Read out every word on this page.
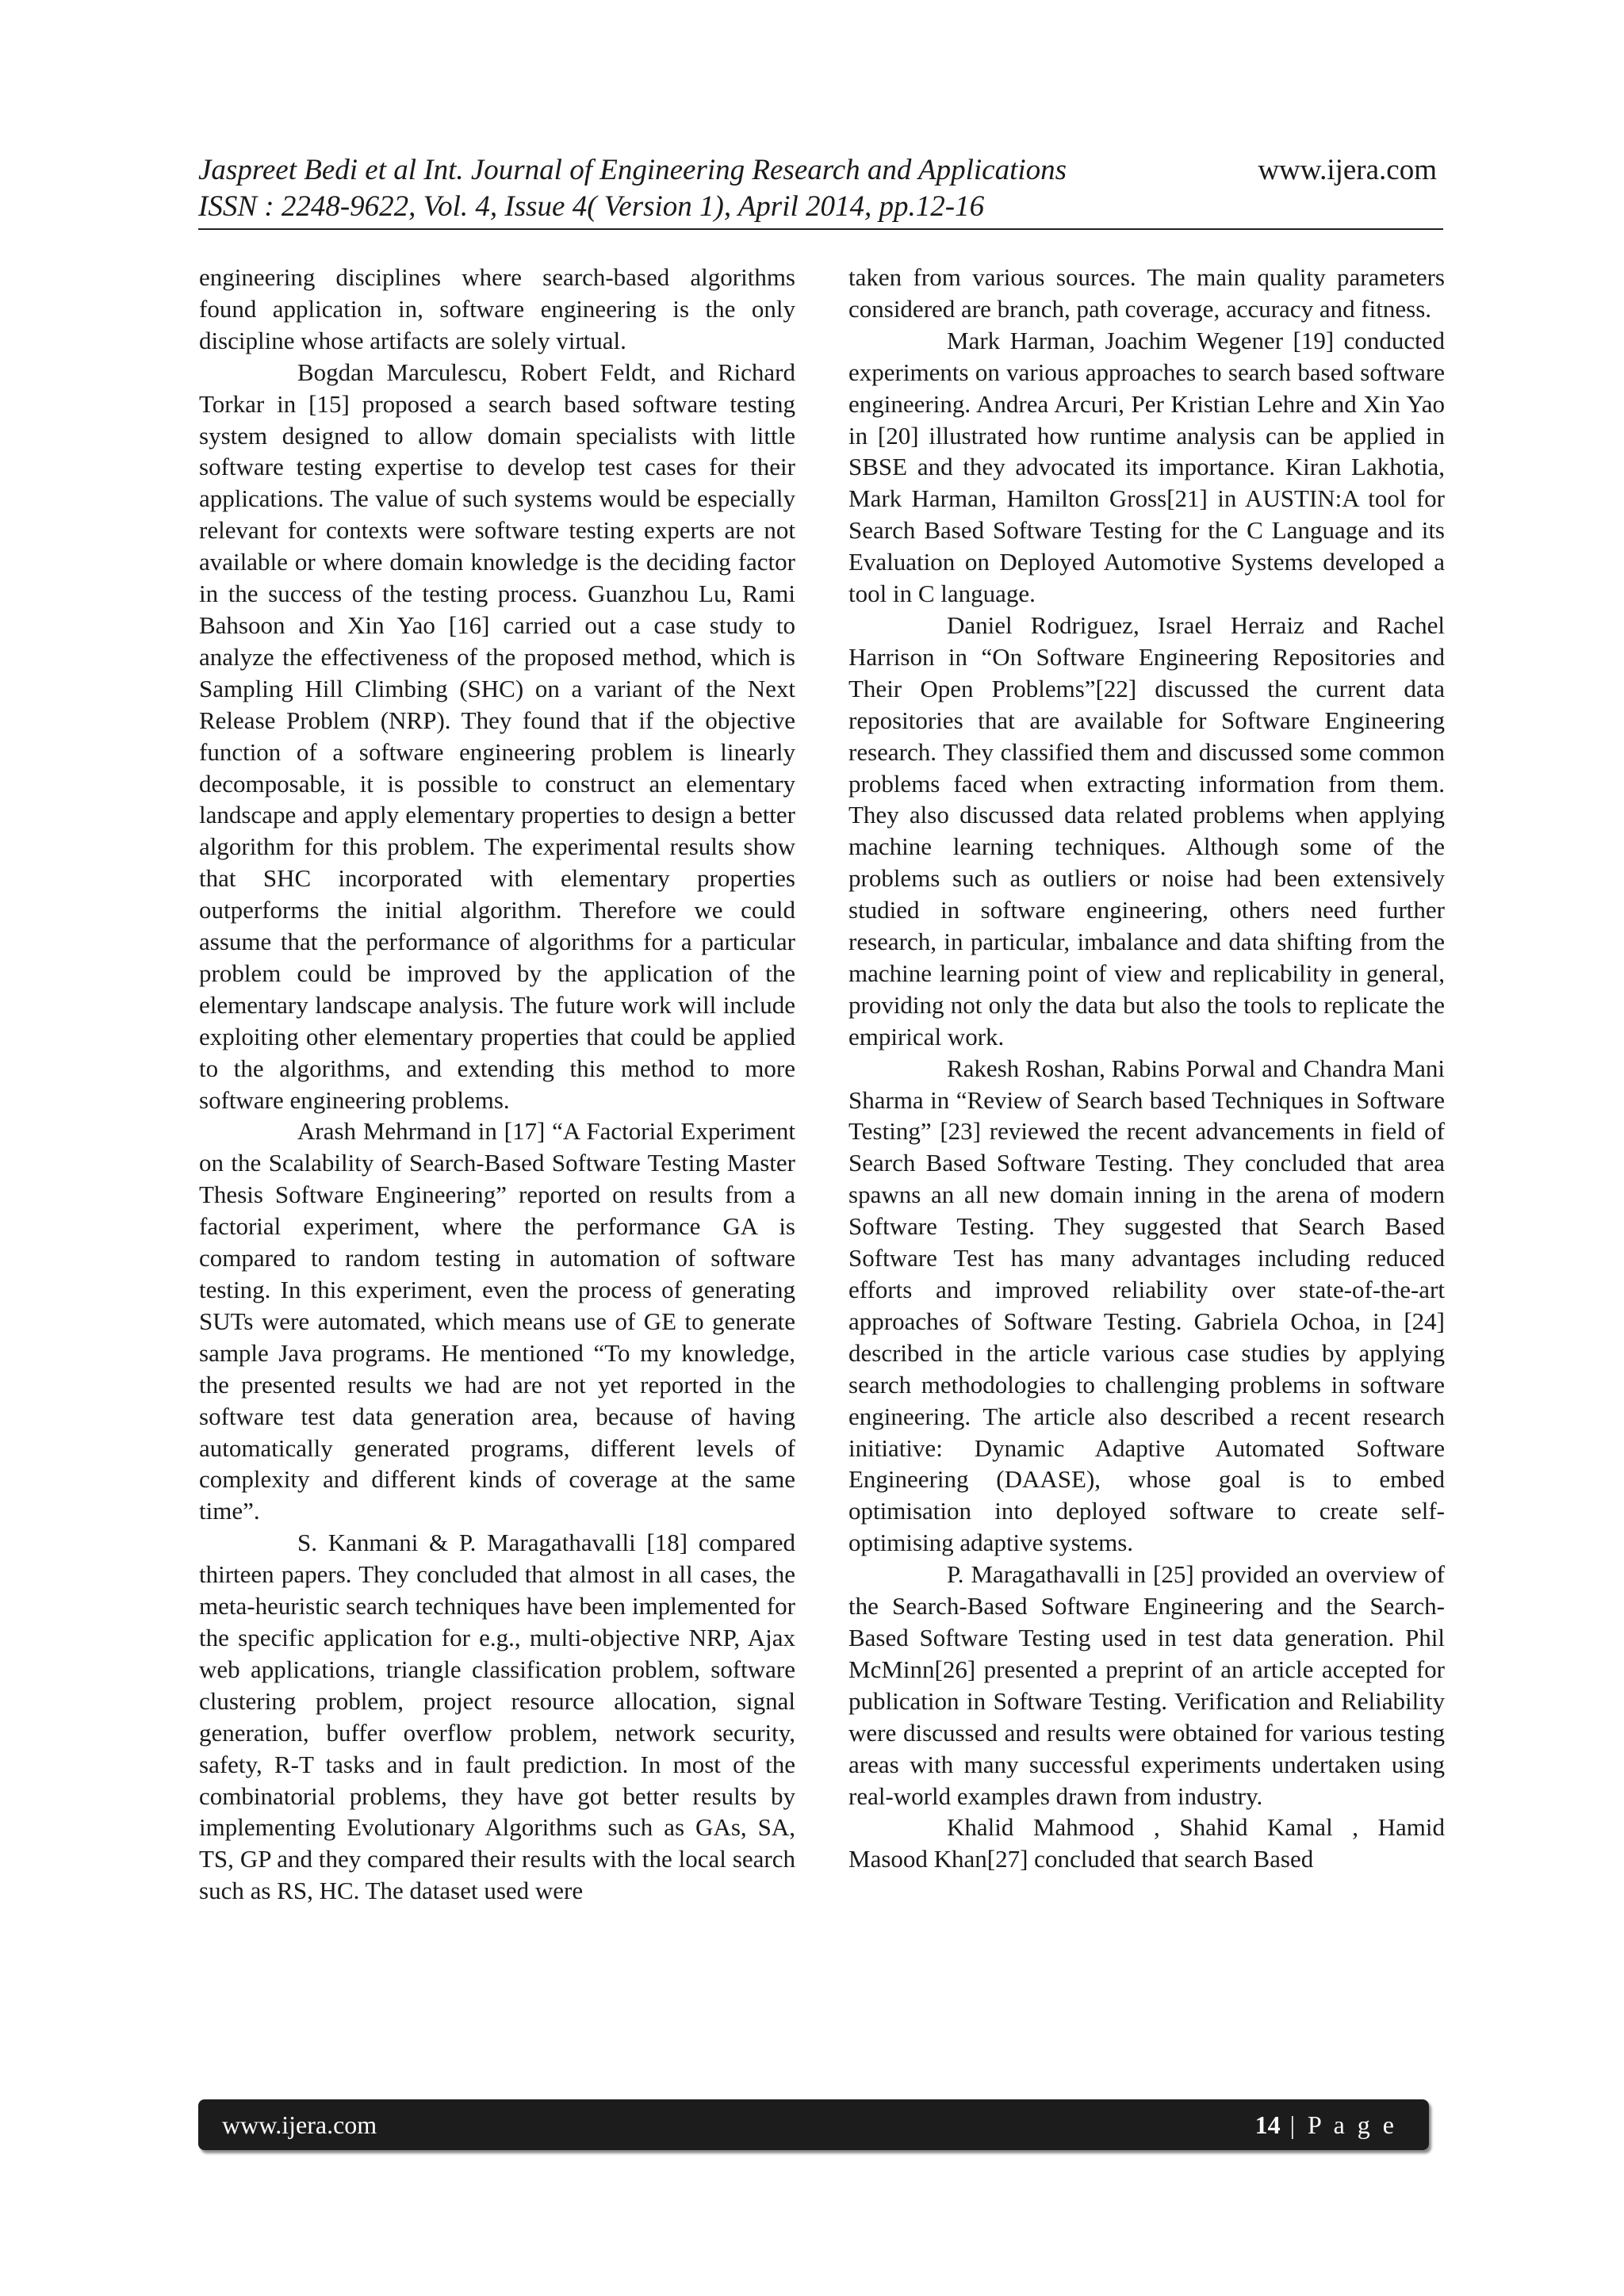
Jaspreet Bedi et al Int. Journal of Engineering Research and Applications
ISSN : 2248-9622, Vol. 4, Issue 4( Version 1), April 2014, pp.12-16
www.ijera.com

engineering disciplines where search-based algorithms found application in, software engineering is the only discipline whose artifacts are solely virtual.

Bogdan Marculescu, Robert Feldt, and Richard Torkar in [15] proposed a search based software testing system designed to allow domain specialists with little software testing expertise to develop test cases for their applications. The value of such systems would be especially relevant for contexts were software testing experts are not available or where domain knowledge is the deciding factor in the success of the testing process. Guanzhou Lu, Rami Bahsoon and Xin Yao [16] carried out a case study to analyze the effectiveness of the proposed method, which is Sampling Hill Climbing (SHC) on a variant of the Next Release Problem (NRP). They found that if the objective function of a software engineering problem is linearly decomposable, it is possible to construct an elementary landscape and apply elementary properties to design a better algorithm for this problem. The experimental results show that SHC incorporated with elementary properties outperforms the initial algorithm. Therefore we could assume that the performance of algorithms for a particular problem could be improved by the application of the elementary landscape analysis. The future work will include exploiting other elementary properties that could be applied to the algorithms, and extending this method to more software engineering problems.

Arash Mehrmand in [17] “A Factorial Experiment on the Scalability of Search-Based Software Testing Master Thesis Software Engineering” reported on results from a factorial experiment, where the performance GA is compared to random testing in automation of software testing. In this experiment, even the process of generating SUTs were automated, which means use of GE to generate sample Java programs. He mentioned “To my knowledge, the presented results we had are not yet reported in the software test data generation area, because of having automatically generated programs, different levels of complexity and different kinds of coverage at the same time”.

S. Kanmani & P. Maragathavalli [18] compared thirteen papers. They concluded that almost in all cases, the meta-heuristic search techniques have been implemented for the specific application for e.g., multi-objective NRP, Ajax web applications, triangle classification problem, software clustering problem, project resource allocation, signal generation, buffer overflow problem, network security, safety, R-T tasks and in fault prediction. In most of the combinatorial problems, they have got better results by implementing Evolutionary Algorithms such as GAs, SA, TS, GP and they compared their results with the local search such as RS, HC. The dataset used were

taken from various sources. The main quality parameters considered are branch, path coverage, accuracy and fitness.

Mark Harman, Joachim Wegener [19] conducted experiments on various approaches to search based software engineering. Andrea Arcuri, Per Kristian Lehre and Xin Yao in [20] illustrated how runtime analysis can be applied in SBSE and they advocated its importance. Kiran Lakhotia, Mark Harman, Hamilton Gross[21] in AUSTIN:A tool for Search Based Software Testing for the C Language and its Evaluation on Deployed Automotive Systems developed a tool in C language.

Daniel Rodriguez, Israel Herraiz and Rachel Harrison in “On Software Engineering Repositories and Their Open Problems”[22] discussed the current data repositories that are available for Software Engineering research. They classified them and discussed some common problems faced when extracting information from them. They also discussed data related problems when applying machine learning techniques. Although some of the problems such as outliers or noise had been extensively studied in software engineering, others need further research, in particular, imbalance and data shifting from the machine learning point of view and replicability in general, providing not only the data but also the tools to replicate the empirical work.

Rakesh Roshan, Rabins Porwal and Chandra Mani Sharma in “Review of Search based Techniques in Software Testing” [23] reviewed the recent advancements in field of Search Based Software Testing. They concluded that area spawns an all new domain inning in the arena of modern Software Testing. They suggested that Search Based Software Test has many advantages including reduced efforts and improved reliability over state-of-the-art approaches of Software Testing. Gabriela Ochoa, in [24] described in the article various case studies by applying search methodologies to challenging problems in software engineering. The article also described a recent research initiative: Dynamic Adaptive Automated Software Engineering (DAASE), whose goal is to embed optimisation into deployed software to create self-optimising adaptive systems.

P. Maragathavalli in [25] provided an overview of the Search-Based Software Engineering and the Search-Based Software Testing used in test data generation. Phil McMinn[26] presented a preprint of an article accepted for publication in Software Testing. Verification and Reliability were discussed and results were obtained for various testing areas with many successful experiments undertaken using real-world examples drawn from industry.

Khalid Mahmood , Shahid Kamal , Hamid Masood Khan[27] concluded that search Based

www.ijera.com	14 | P a g e
